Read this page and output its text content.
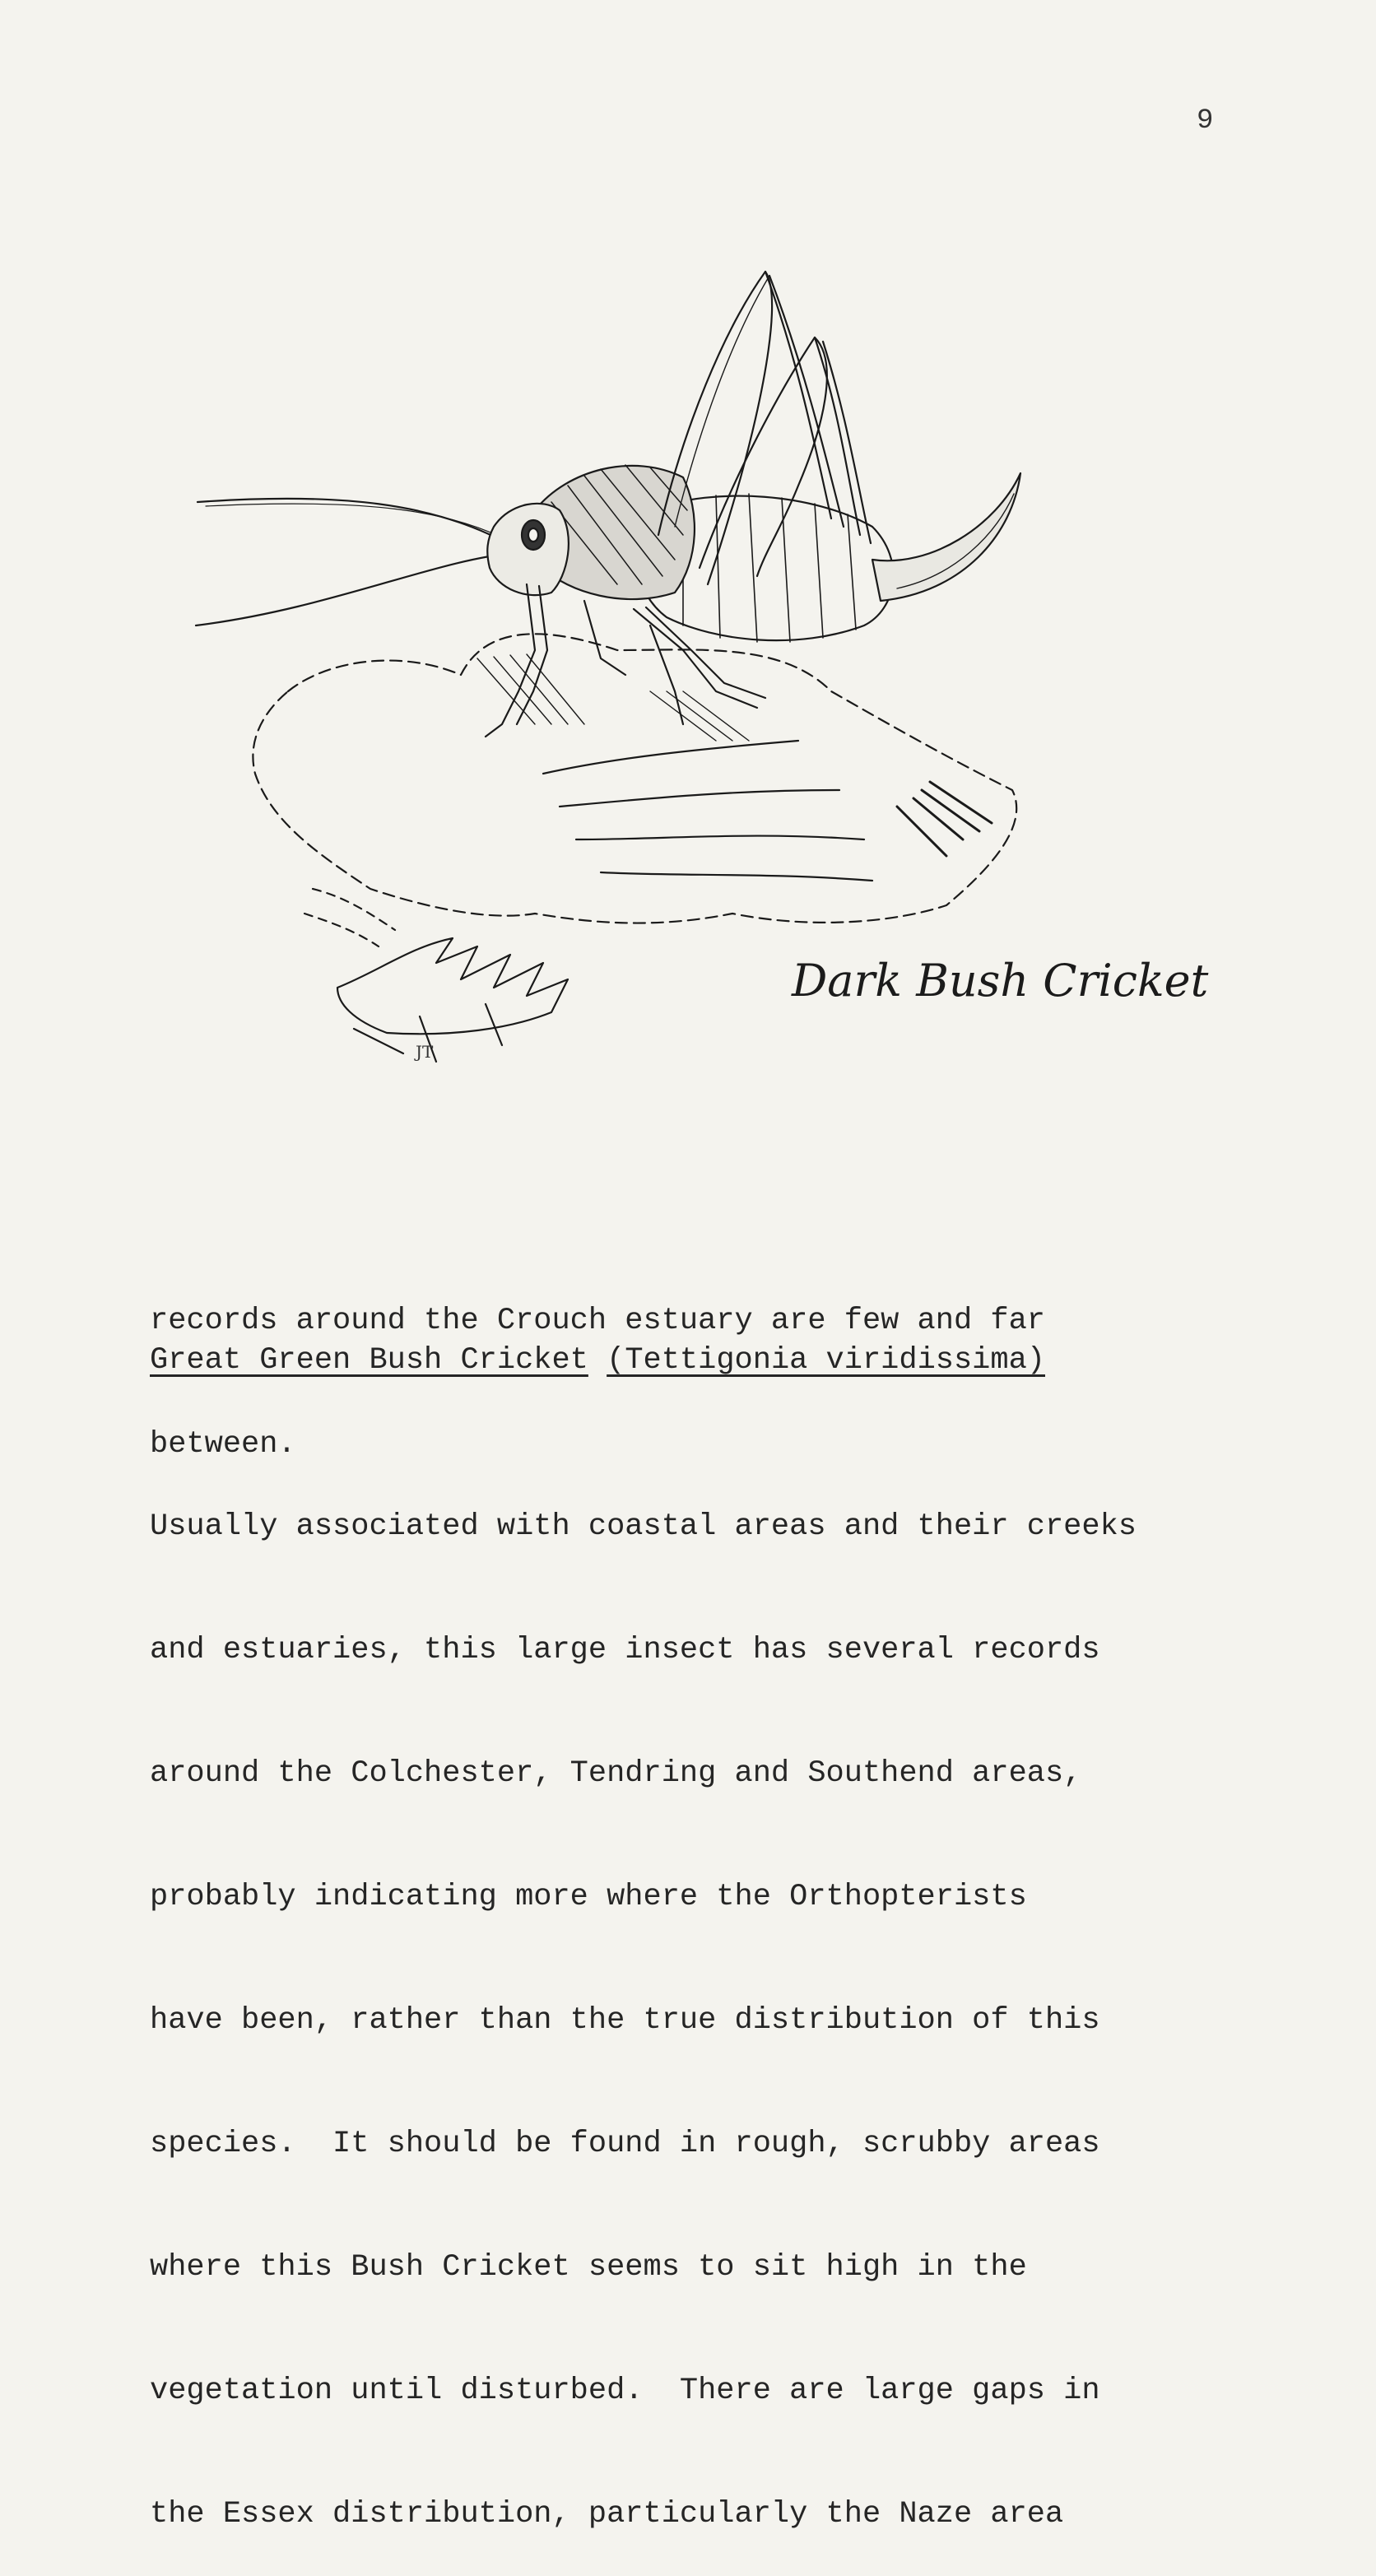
9
JT
Dark Bush Cricket

records around the Crouch estuary are few and far

between.

Great Green Bush Cricket (Tettigonia viridissima)

Usually associated with coastal areas and their creeks

and estuaries, this large insect has several records

around the Colchester, Tendring and Southend areas,

probably indicating more where the Orthopterists

have been, rather than the true distribution of this

species.  It should be found in rough, scrubby areas

where this Bush Cricket seems to sit high in the

vegetation until disturbed.  There are large gaps in

the Essex distribution, particularly the Naze area
